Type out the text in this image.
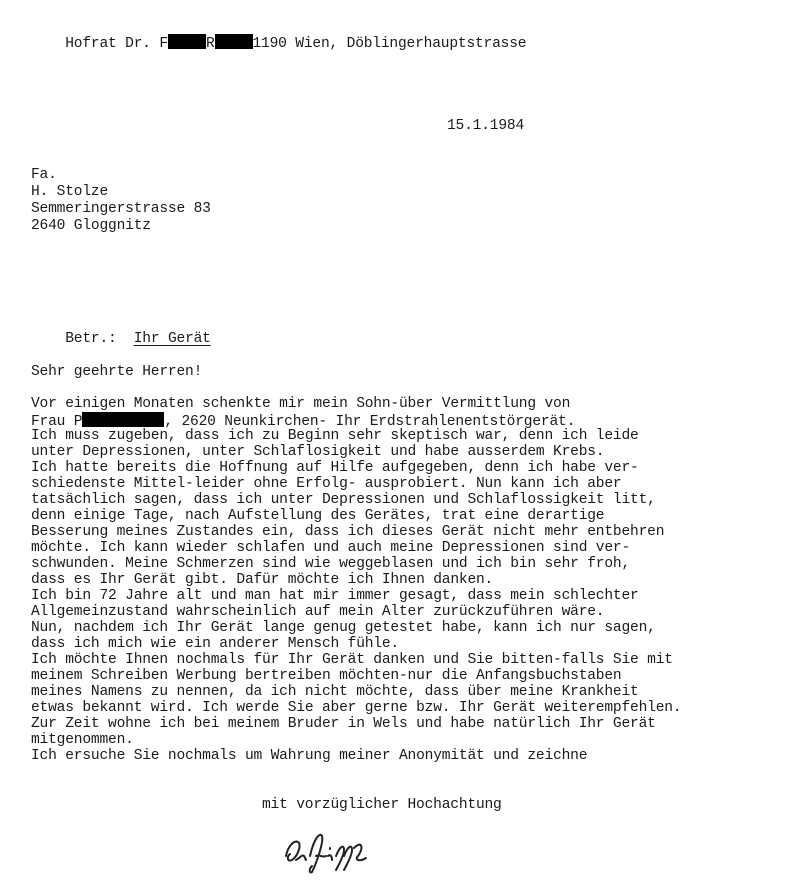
Hofrat Dr. F	R	1190 Wien, Döblingerhauptstrasse

15.1.1984
Fa.
H. Stolze
Semmeringerstrasse 83
2640 Gloggnitz

Betr.: Ihr Gerät

Sehr geehrte Herren!
Vor einigen Monaten schenkte mir mein Sohn-über Vermittlung von
Frau P	, 2620 Neunkirchen- Ihr Erdstrahlenentstörgerät.
Ich muss zugeben, dass ich zu Beginn sehr skeptisch war, denn ich leide
unter Depressionen, unter Schlaflosigkeit und habe ausserdem Krebs.
Ich hatte bereits die Hoffnung auf Hilfe aufgegeben, denn ich habe ver-
schiedenste Mittel-leider ohne Erfolg- ausprobiert. Nun kann ich aber
tatsächlich sagen, dass ich unter Depressionen und Schlaflossigkeit litt,
denn einige Tage, nach Aufstellung des Gerätes, trat eine derartige
Besserung meines Zustandes ein, dass ich dieses Gerät nicht mehr entbehren
möchte. Ich kann wieder schlafen und auch meine Depressionen sind ver-
schwunden. Meine Schmerzen sind wie weggeblasen und ich bin sehr froh,
dass es Ihr Gerät gibt. Dafür möchte ich Ihnen danken.
Ich bin 72 Jahre alt und man hat mir immer gesagt, dass mein schlechter
Allgemeinzustand wahrscheinlich auf mein Alter zurückzuführen wäre.
Nun, nachdem ich Ihr Gerät lange genug getestet habe, kann ich nur sagen,
dass ich mich wie ein anderer Mensch fühle.
Ich möchte Ihnen nochmals für Ihr Gerät danken und Sie bitten-falls Sie mit
meinem Schreiben Werbung bertreiben möchten-nur die Anfangsbuchstaben
meines Namens zu nennen, da ich nicht möchte, dass über meine Krankheit
etwas bekannt wird. Ich werde Sie aber gerne bzw. Ihr Gerät weiterempfehlen.
Zur Zeit wohne ich bei meinem Bruder in Wels und habe natürlich Ihr Gerät
mitgenommen.
Ich ersuche Sie nochmals um Wahrung meiner Anonymität und zeichne
mit vorzüglicher Hochachtung
